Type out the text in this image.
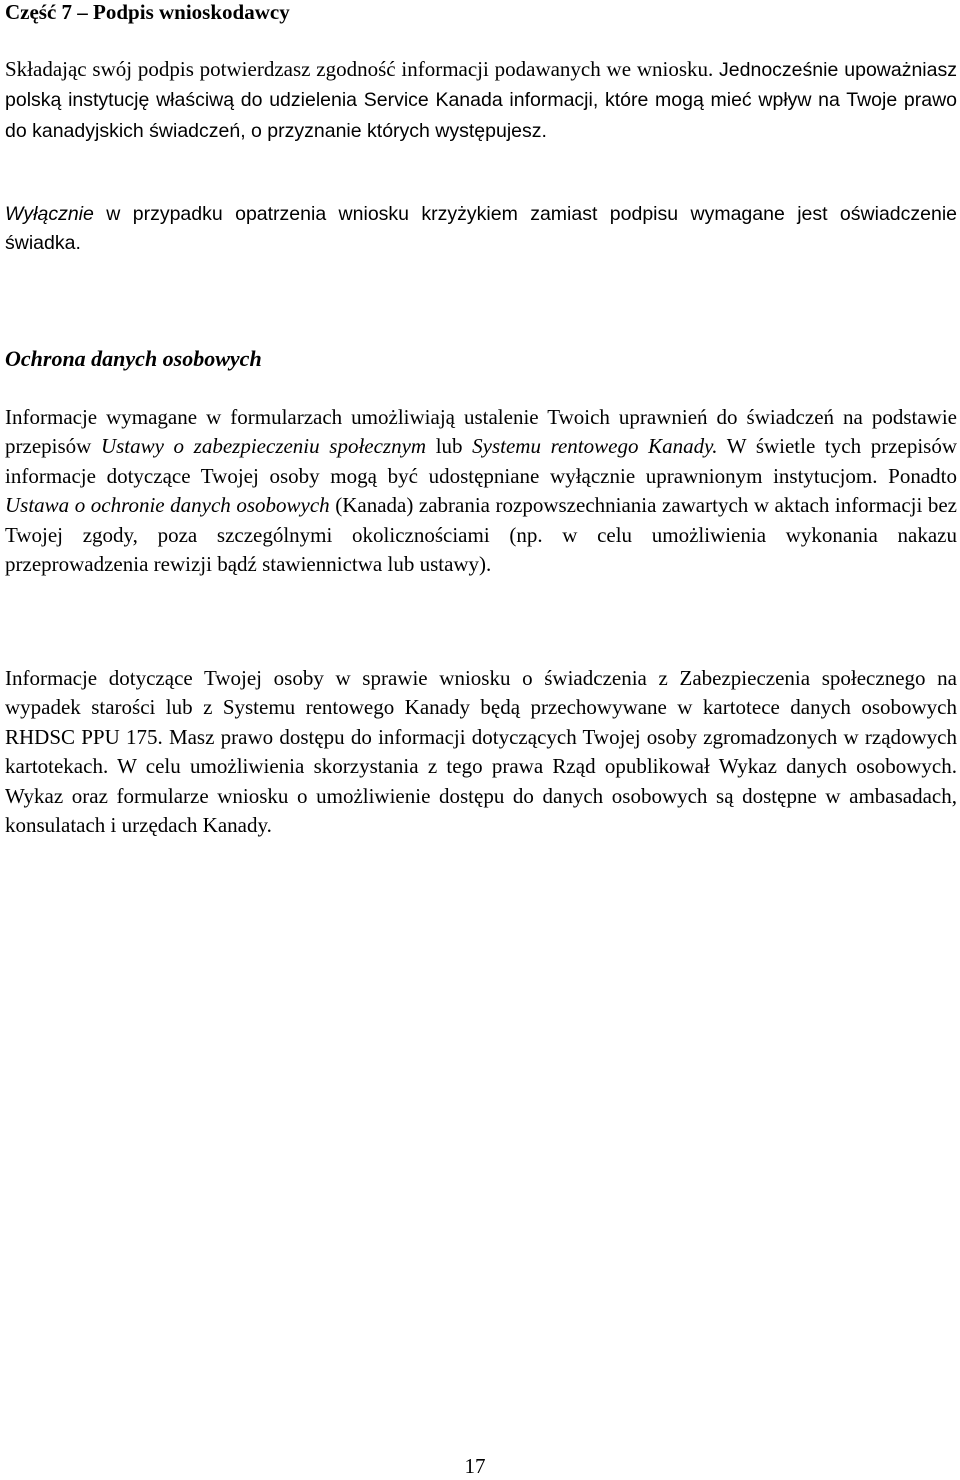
Część 7 – Podpis wnioskodawcy

Składając swój podpis potwierdzasz zgodność informacji podawanych we wniosku. Jednocześnie upoważniasz polską instytucję właściwą do udzielenia Service Kanada informacji, które mogą mieć wpływ na Twoje prawo do kanadyjskich świadczeń, o przyznanie których występujesz.

Wyłącznie w przypadku opatrzenia wniosku krzyżykiem zamiast podpisu wymagane jest oświadczenie świadka.

Ochrona danych osobowych

Informacje wymagane w formularzach umożliwiają ustalenie Twoich uprawnień do świadczeń na podstawie przepisów Ustawy o zabezpieczeniu społecznym lub Systemu rentowego Kanady. W świetle tych przepisów informacje dotyczące Twojej osoby mogą być udostępniane wyłącznie uprawnionym instytucjom. Ponadto Ustawa o ochronie danych osobowych (Kanada) zabrania rozpowszechniania zawartych w aktach informacji bez Twojej zgody, poza szczególnymi okolicznościami (np. w celu umożliwienia wykonania nakazu przeprowadzenia rewizji bądź stawiennictwa lub ustawy).

Informacje dotyczące Twojej osoby w sprawie wniosku o świadczenia z Zabezpieczenia społecznego na wypadek starości lub z Systemu rentowego Kanady będą przechowywane w kartotece danych osobowych RHDSC PPU 175. Masz prawo dostępu do informacji dotyczących Twojej osoby zgromadzonych w rządowych kartotekach. W celu umożliwienia skorzystania z tego prawa Rząd opublikował Wykaz danych osobowych. Wykaz oraz formularze wniosku o umożliwienie dostępu do danych osobowych są dostępne w ambasadach, konsulatach i urzędach Kanady.

17
